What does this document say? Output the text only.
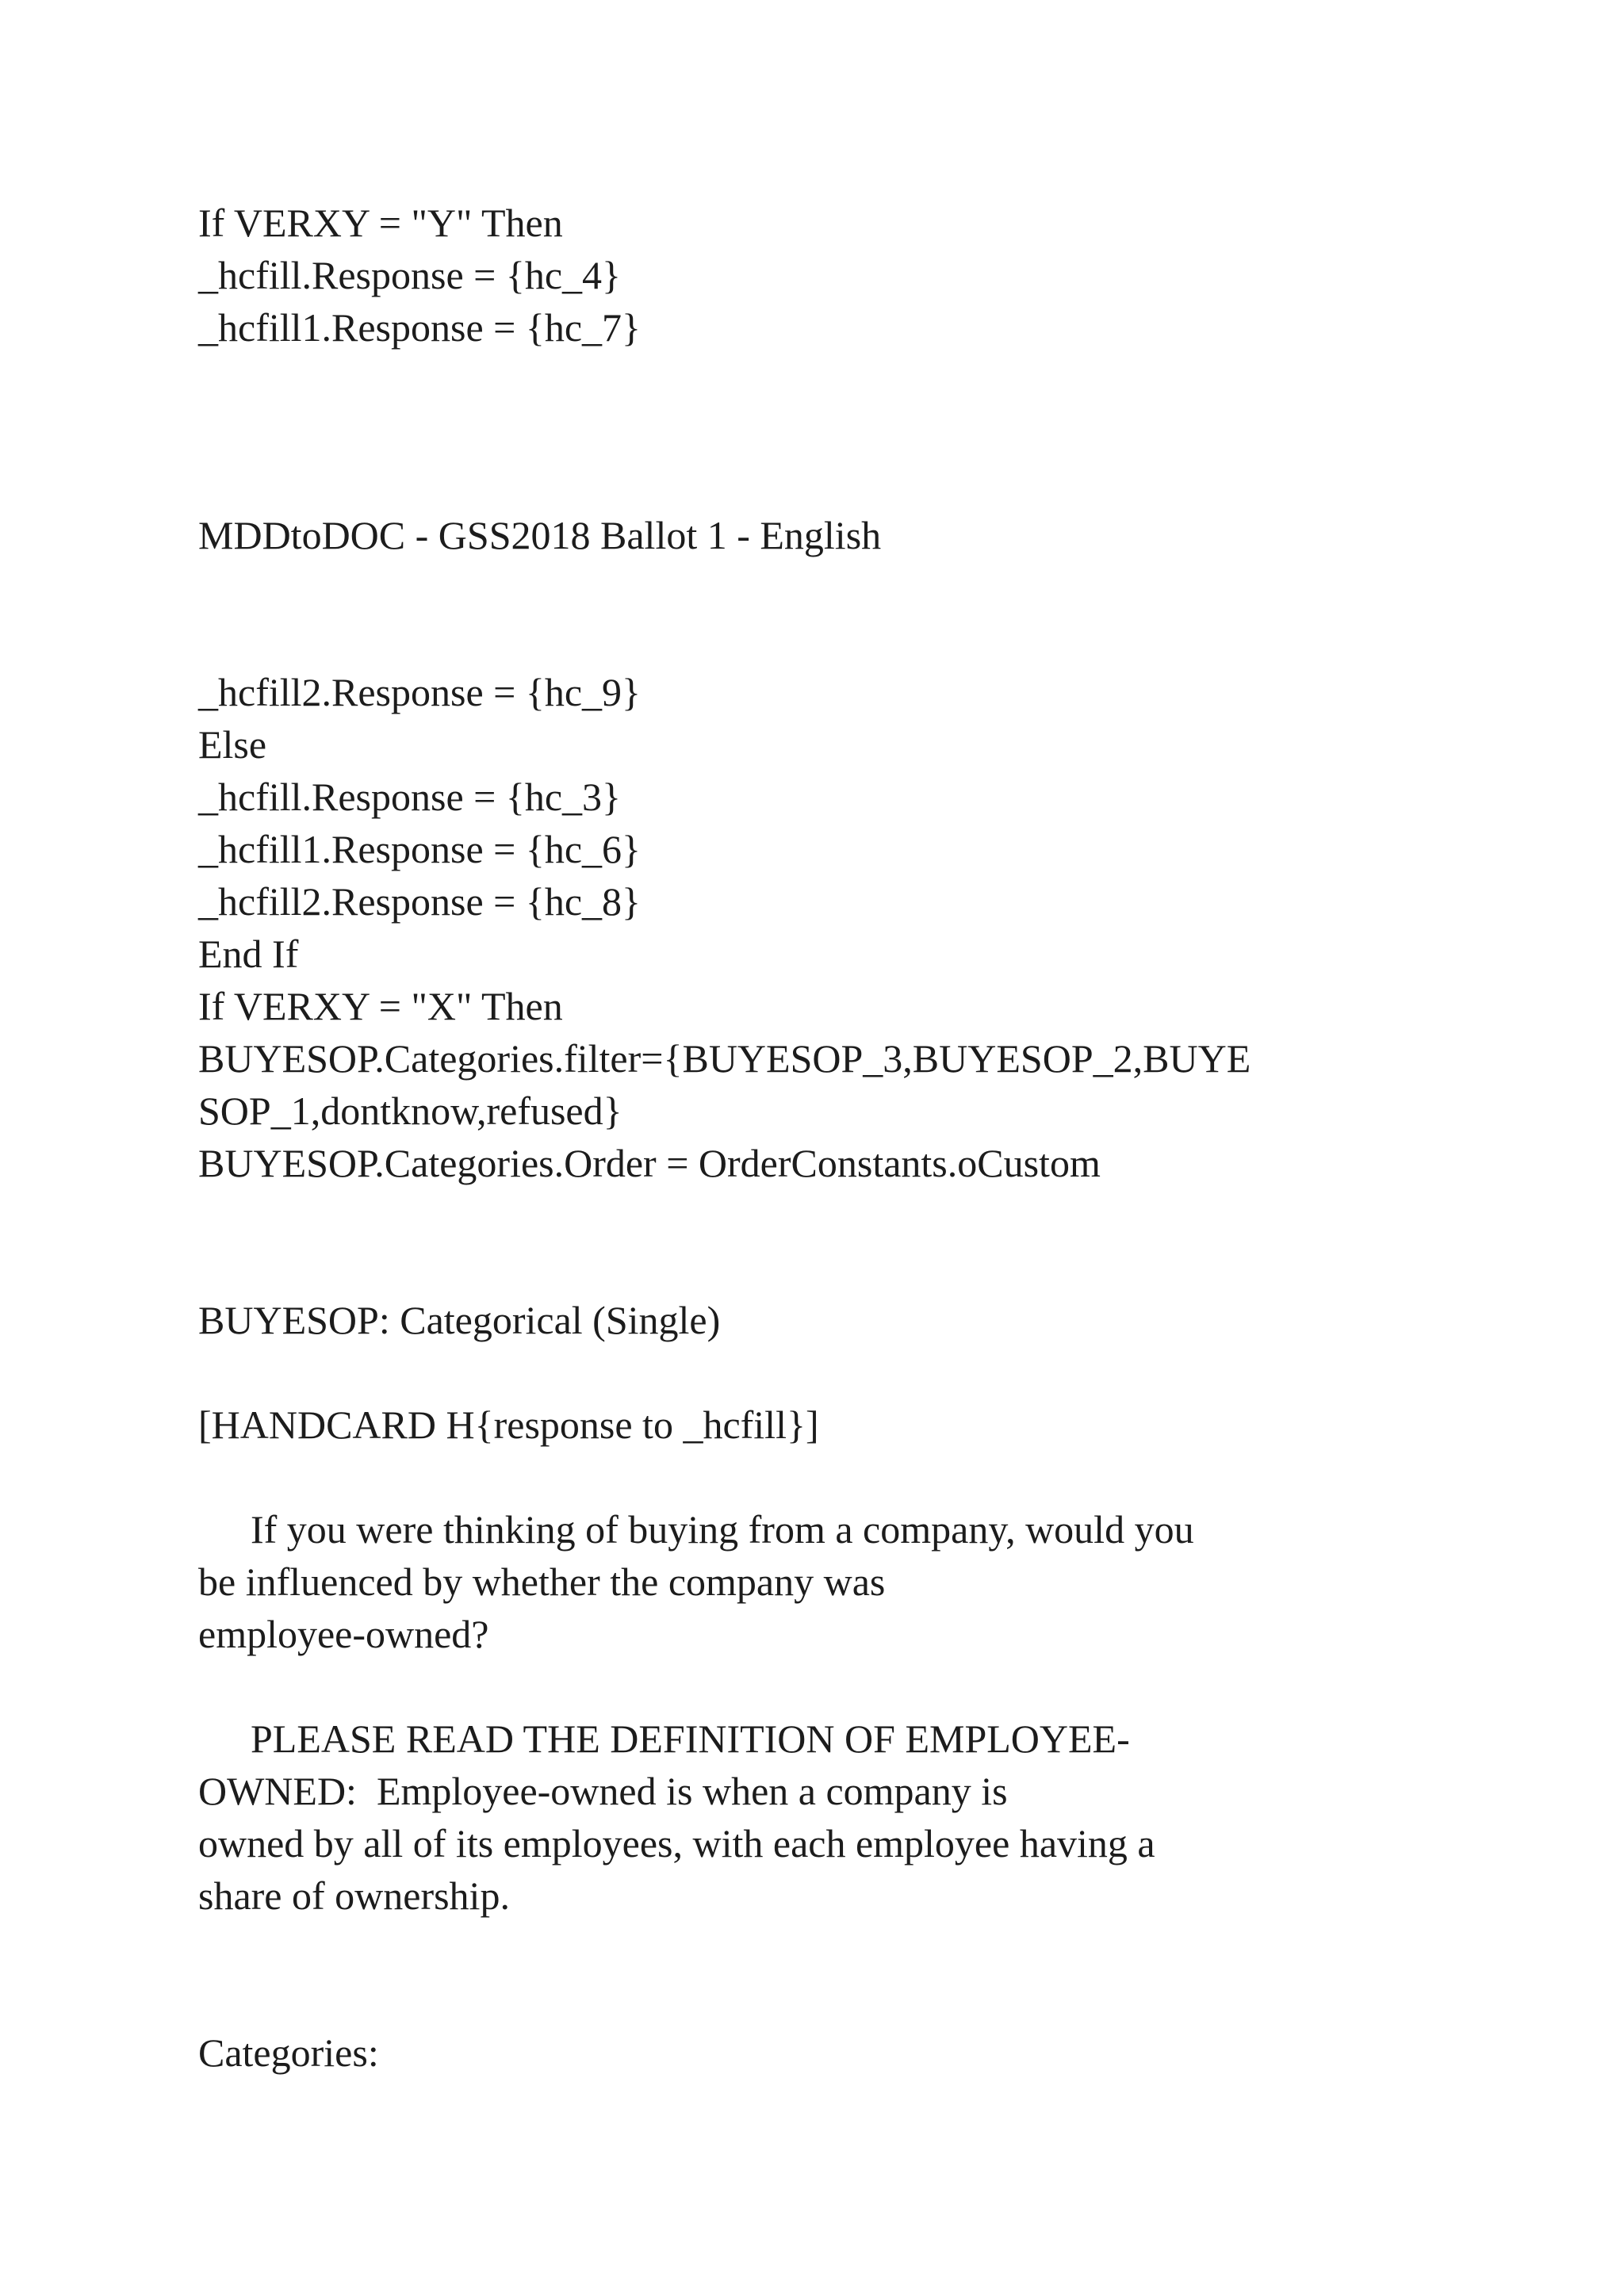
If VERXY = "Y" Then

_hcfill.Response = {hc_4}

_hcfill1.Response = {hc_7}

MDDtoDOC - GSS2018 Ballot 1 - English

_hcfill2.Response = {hc_9}

Else

_hcfill.Response = {hc_3}

_hcfill1.Response = {hc_6}

_hcfill2.Response = {hc_8}

End If

If VERXY = "X" Then

BUYESOP.Categories.filter={BUYESOP_3,BUYESOP_2,BUYE

SOP_1,dontknow,refused}

BUYESOP.Categories.Order = OrderConstants.oCustom

BUYESOP: Categorical (Single)

[HANDCARD H{response to _hcfill}]

If you were thinking of buying from a company, would you

be influenced by whether the company was

employee-owned?

PLEASE READ THE DEFINITION OF EMPLOYEE-

OWNED:  Employee-owned is when a company is

owned by all of its employees, with each employee having a

share of ownership.

Categories:
